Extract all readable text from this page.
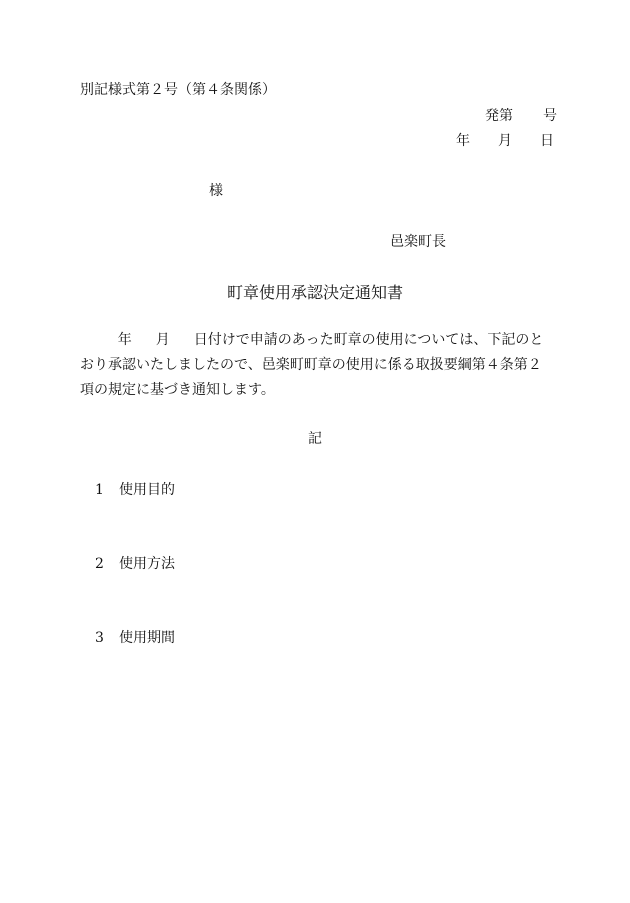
別記様式第２号（第４条関係）
発第 号
年 月 日
様
邑楽町長
町章使用承認決定通知書
年 月 日付けで申請のあった町章の使用については、下記のとおり承認いたしましたので、邑楽町町章の使用に係る取扱要綱第４条第２項の規定に基づき通知します。
記
1 使用目的
2 使用方法
3 使用期間
